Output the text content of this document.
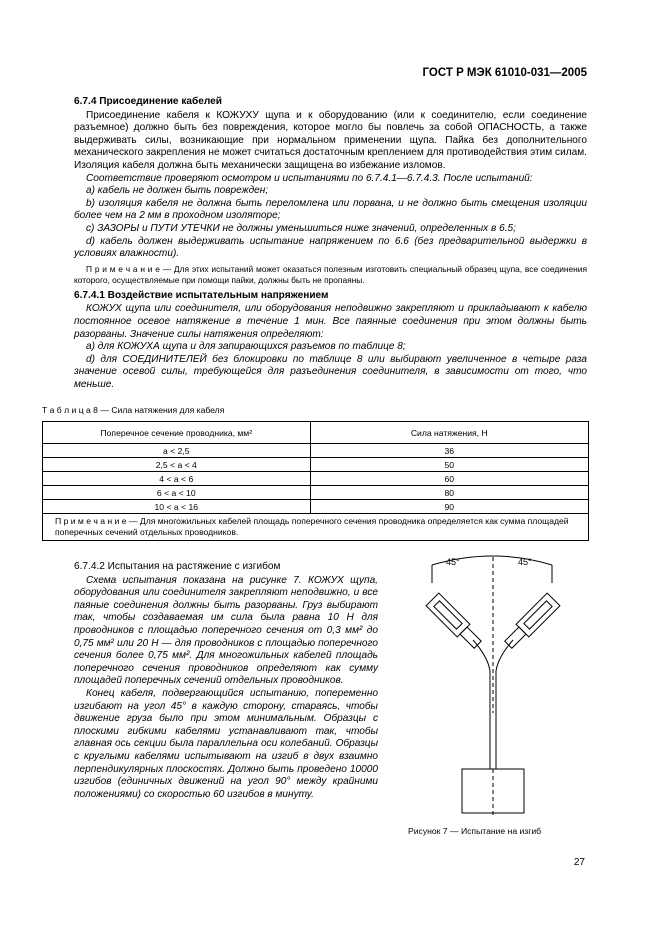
ГОСТ Р МЭК 61010-031—2005

6.7.4 Присоединение кабелей

Присоединение кабеля к КОЖУХУ щупа и к оборудованию (или к соединителю, если соединение разъемное) должно быть без повреждения, которое могло бы повлечь за собой ОПАСНОСТЬ, а также выдерживать силы, возникающие при нормальном применении щупа. Пайка без дополнительного механического закрепления не может считаться достаточным креплением для противодействия этим силам. Изоляция кабеля должна быть механически защищена во избежание изломов.

Соответствие проверяют осмотром и испытаниями по 6.7.4.1—6.7.4.3. После испытаний:

a) кабель не должен быть поврежден;

b) изоляция кабеля не должна быть переломлена или порвана, и не должно быть смещения изоляции более чем на 2 мм в проходном изоляторе;

c) ЗАЗОРЫ и ПУТИ УТЕЧКИ не должны уменьшиться ниже значений, определенных в 6.5;

d) кабель должен выдерживать испытание напряжением по 6.6 (без предварительной выдержки в условиях влажности).

П р и м е ч а н и е — Для этих испытаний может оказаться полезным изготовить специальный образец щупа, все соединения которого, осуществляемые при помощи пайки, должны быть не пропаяны.

6.7.4.1 Воздействие испытательным напряжением

КОЖУХ щупа или соединителя, или оборудования неподвижно закрепляют и прикладывают к кабелю постоянное осевое натяжение в течение 1 мин. Все паянные соединения при этом должны быть разорваны. Значение силы натяжения определяют:

a) для КОЖУХА щупа и для запирающихся разъемов по таблице 8;

d) для СОЕДИНИТЕЛЕЙ без блокировки по таблице 8 или выбирают увеличенное в четыре раза значение осевой силы, требующейся для разъединения соединителя, в зависимости от того, что меньше.

Т а б л и ц а 8 — Сила натяжения для кабеля
Поперечное сечение проводника, мм²	Сила натяжения, Н
a < 2,5	36
2,5 < a < 4	50
4 < a < 6	60
6 < a < 10	80
10 < a < 16	90
П р и м е ч а н и е — Для многожильных кабелей площадь поперечного сечения проводника определяется как сумма площадей поперечных сечений отдельных проводников.	

6.7.4.2 Испытания на растяжение с изгибом

Схема испытания показана на рисунке 7. КОЖУХ щупа, оборудования или соединителя закрепляют неподвижно, и все паяные соединения должны быть разорваны. Груз выбирают так, чтобы создаваемая им сила была равна 10 Н для проводников с площадью поперечного сечения от 0,3 мм² до 0,75 мм² или 20 Н — для проводников с площадью поперечного сечения более 0,75 мм². Для многожильных кабелей площадь поперечного сечения проводников определяют как сумму площадей поперечных сечений отдельных проводников.

Конец кабеля, подвергающийся испытанию, попеременно изгибают на угол 45° в каждую сторону, стараясь, чтобы движение груза было при этом минимальным. Образцы с плоскими гибкими кабелями устанавливают так, чтобы главная ось секции была параллельна оси колебаний. Образцы с круглыми кабелями испытывают на изгиб в двух взаимно перпендикулярных плоскостях. Должно быть проведено 10000 изгибов (единичных движений на угол 90° между крайними положениями) со скоростью 60 изгибов в минуту.

45°	45°
Рисунок 7 — Испытание на изгиб
27
